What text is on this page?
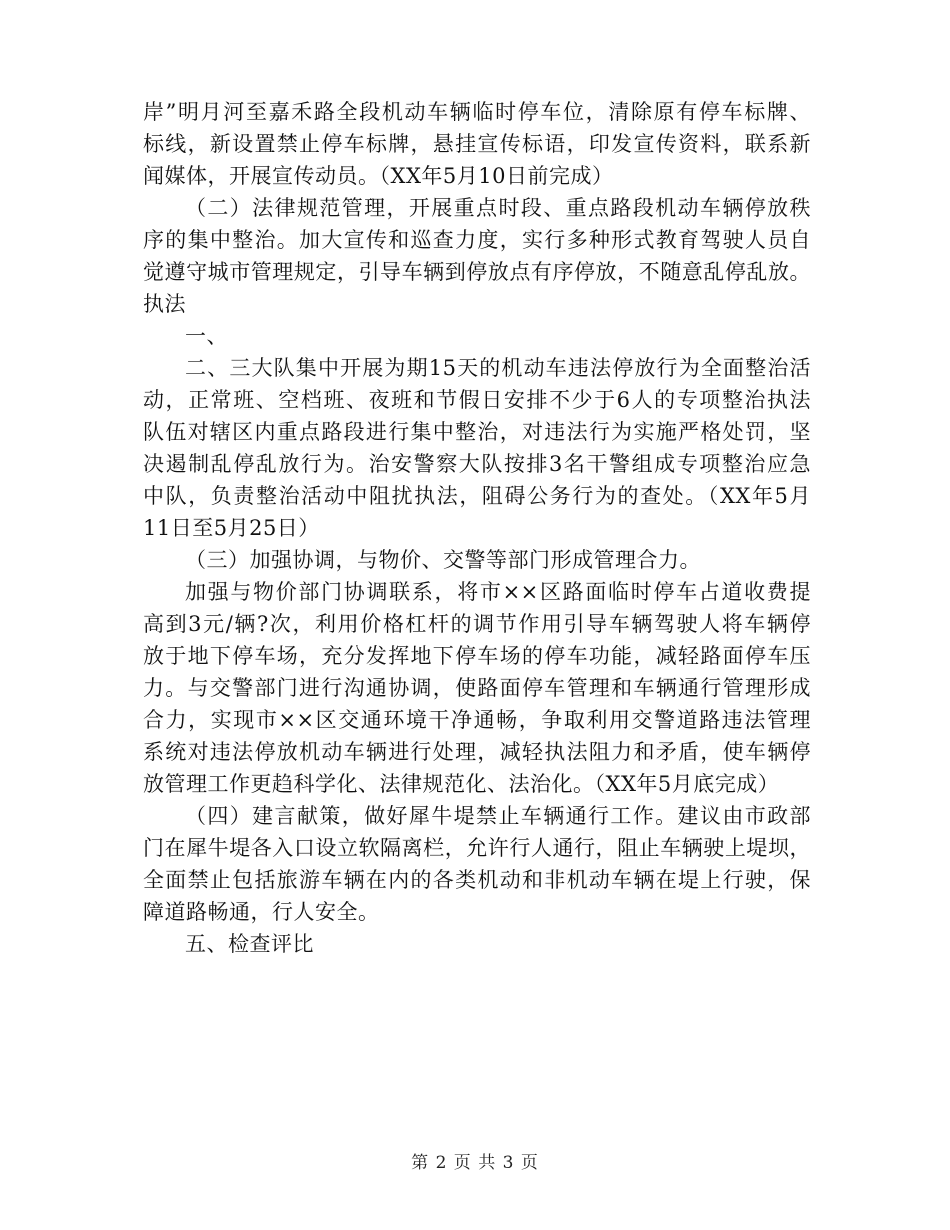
岸”明月河至嘉禾路全段机动车辆临时停车位，清除原有停车标牌、
标线，新设置禁止停车标牌，悬挂宣传标语，印发宣传资料，联系新
闻媒体，开展宣传动员。（XX年5月10日前完成）
（二）法律规范管理，开展重点时段、重点路段机动车辆停放秩
序的集中整治。加大宣传和巡查力度，实行多种形式教育驾驶人员自
觉遵守城市管理规定，引导车辆到停放点有序停放，不随意乱停乱放。
执法
一、
二、三大队集中开展为期15天的机动车违法停放行为全面整治活
动，正常班、空档班、夜班和节假日安排不少于6人的专项整治执法
队伍对辖区内重点路段进行集中整治，对违法行为实施严格处罚，坚
决遏制乱停乱放行为。治安警察大队按排3名干警组成专项整治应急
中队，负责整治活动中阻扰执法，阻碍公务行为的查处。（XX年5月
11日至5月25日）
（三）加强协调，与物价、交警等部门形成管理合力。
加强与物价部门协调联系，将市××区路面临时停车占道收费提
高到3元/辆?次，利用价格杠杆的调节作用引导车辆驾驶人将车辆停
放于地下停车场，充分发挥地下停车场的停车功能，减轻路面停车压
力。与交警部门进行沟通协调，使路面停车管理和车辆通行管理形成
合力，实现市××区交通环境干净通畅，争取利用交警道路违法管理
系统对违法停放机动车辆进行处理，减轻执法阻力和矛盾，使车辆停
放管理工作更趋科学化、法律规范化、法治化。（XX年5月底完成）
（四）建言献策，做好犀牛堤禁止车辆通行工作。建议由市政部
门在犀牛堤各入口设立软隔离栏，允许行人通行，阻止车辆驶上堤坝，
全面禁止包括旅游车辆在内的各类机动和非机动车辆在堤上行驶，保
障道路畅通，行人安全。
五、检查评比
第 2 页 共 3 页
